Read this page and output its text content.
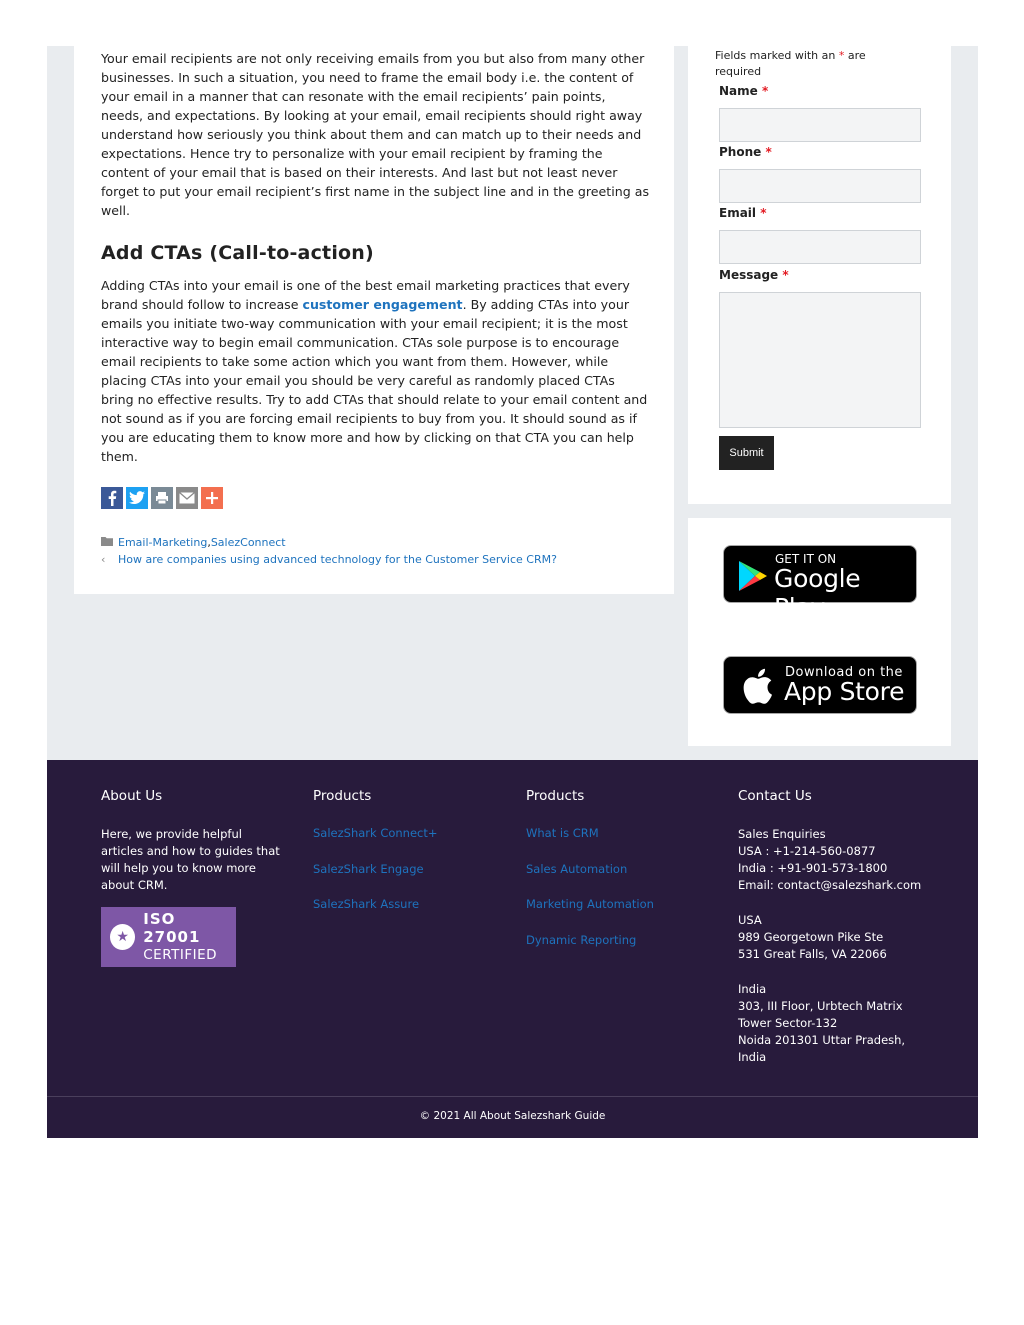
Your email recipients are not only receiving emails from you but also from many other businesses. In such a situation, you need to frame the email body i.e. the content of your email in a manner that can resonate with the email recipients’ pain points, needs, and expectations. By looking at your email, email recipients should right away understand how seriously you think about them and can match up to their needs and expectations. Hence try to personalize with your email recipient by framing the content of your email that is based on their interests. And last but not least never forget to put your email recipient’s first name in the subject line and in the greeting as well.

Add CTAs (Call-to-action)

Adding CTAs into your email is one of the best email marketing practices that every brand should follow to increase customer engagement. By adding CTAs into your emails you initiate two-way communication with your email recipient; it is the most interactive way to begin email communication. CTAs sole purpose is to encourage email recipients to take some action which you want from them. However, while placing CTAs into your email you should be very careful as randomly placed CTAs bring no effective results. Try to add CTAs that should relate to your email content and not sound as if you are forcing email recipients to buy from you. It should sound as if you are educating them to know more and how by clicking on that CTA you can help them.

Email-Marketing , SalezConnect
‹	How are companies using advanced technology for the Customer Service CRM?
Fields marked with an * are required
Name *
Phone *
Email *
Message *
Submit
GET IT ON
Google Play
Download on the
App Store
About Us

Here, we provide helpful articles and how to guides that will help you to know more about CRM.

★
ISO 27001
CERTIFIED
Products
SalezShark Connect+
SalezShark Engage
SalezShark Assure
Products
What is CRM
Sales Automation
Marketing Automation
Dynamic Reporting
Contact Us

Sales Enquiries

USA : +1-214-560-0877

India : +91-901-573-1800

Email: contact@salezshark.com

USA

989 Georgetown Pike Ste

531 Great Falls, VA 22066

India

303, III Floor, Urbtech Matrix Tower Sector-132

Noida 201301 Uttar Pradesh, India

© 2021 All About Salezshark Guide
